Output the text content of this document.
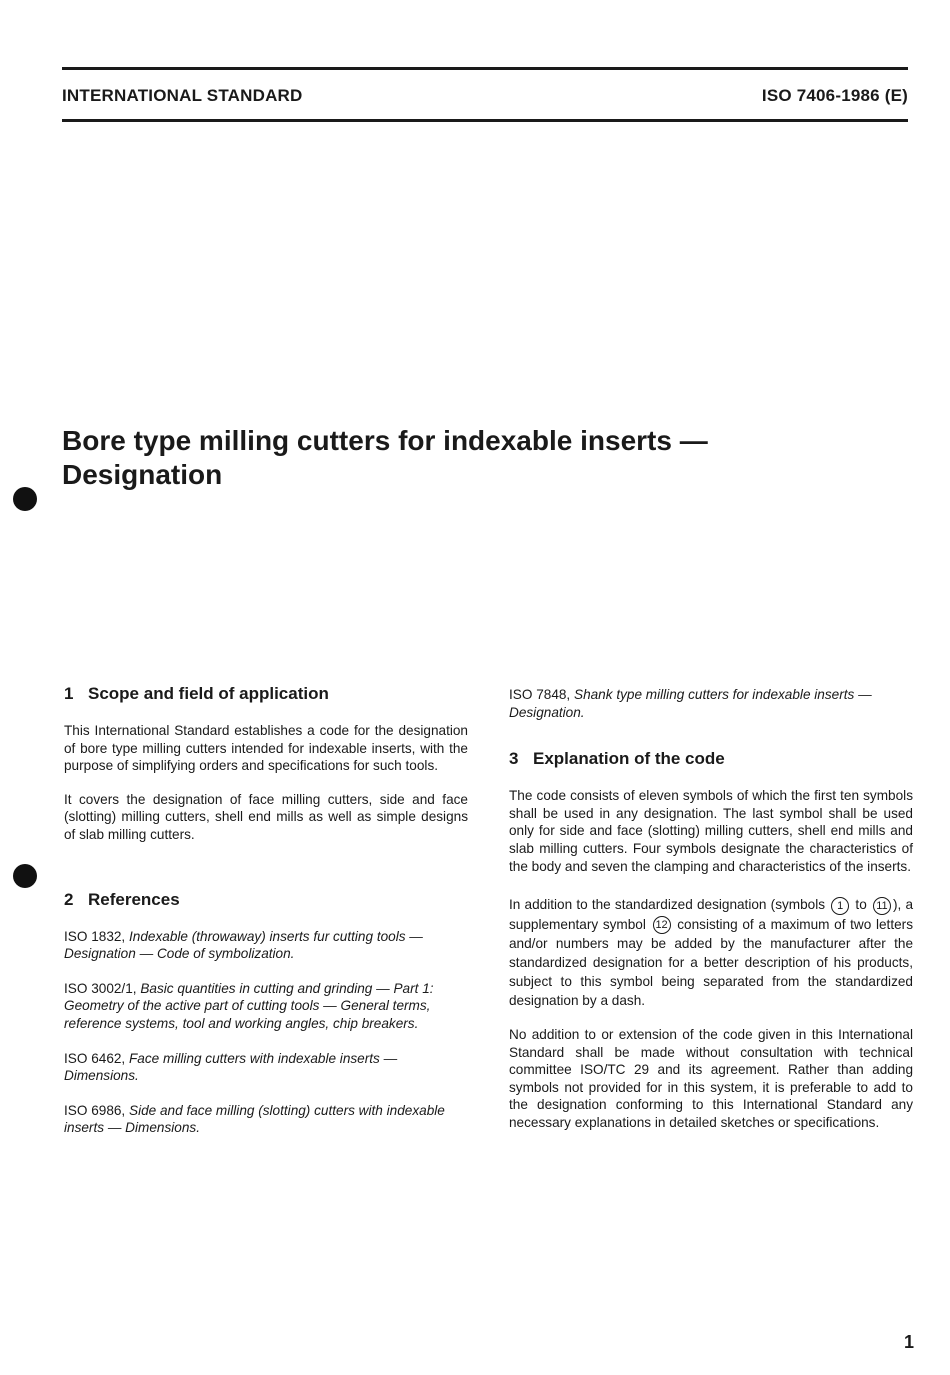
INTERNATIONAL STANDARD	ISO 7406-1986 (E)
Bore type milling cutters for indexable inserts —
Designation
1 Scope and field of application

This International Standard establishes a code for the designation of bore type milling cutters intended for indexable inserts, with the purpose of simplifying orders and specifications for such tools.

It covers the designation of face milling cutters, side and face (slotting) milling cutters, shell end mills as well as simple designs of slab milling cutters.

2 References

ISO 1832, Indexable (throwaway) inserts fur cutting tools — Designation — Code of symbolization.

ISO 3002/1, Basic quantities in cutting and grinding — Part 1: Geometry of the active part of cutting tools — General terms, reference systems, tool and working angles, chip breakers.

ISO 6462, Face milling cutters with indexable inserts — Dimensions.

ISO 6986, Side and face milling (slotting) cutters with indexable inserts — Dimensions.

ISO 7848, Shank type milling cutters for indexable inserts — Designation.

3 Explanation of the code

The code consists of eleven symbols of which the first ten symbols shall be used in any designation. The last symbol shall be used only for side and face (slotting) milling cutters, shell end mills and slab milling cutters. Four symbols designate the characteristics of the body and seven the clamping and characteristics of the inserts.

In addition to the standardized designation (symbols 1 to 11 ), a supplementary symbol 12 consisting of a maximum of two letters and/or numbers may be added by the manufacturer after the standardized designation for a better description of his products, subject to this symbol being separated from the standardized designation by a dash.

No addition to or extension of the code given in this International Standard shall be made without consultation with technical committee ISO/TC 29 and its agreement. Rather than adding symbols not provided for in this system, it is preferable to add to the designation conforming to this International Standard any necessary explanations in detailed sketches or specifications.

1
